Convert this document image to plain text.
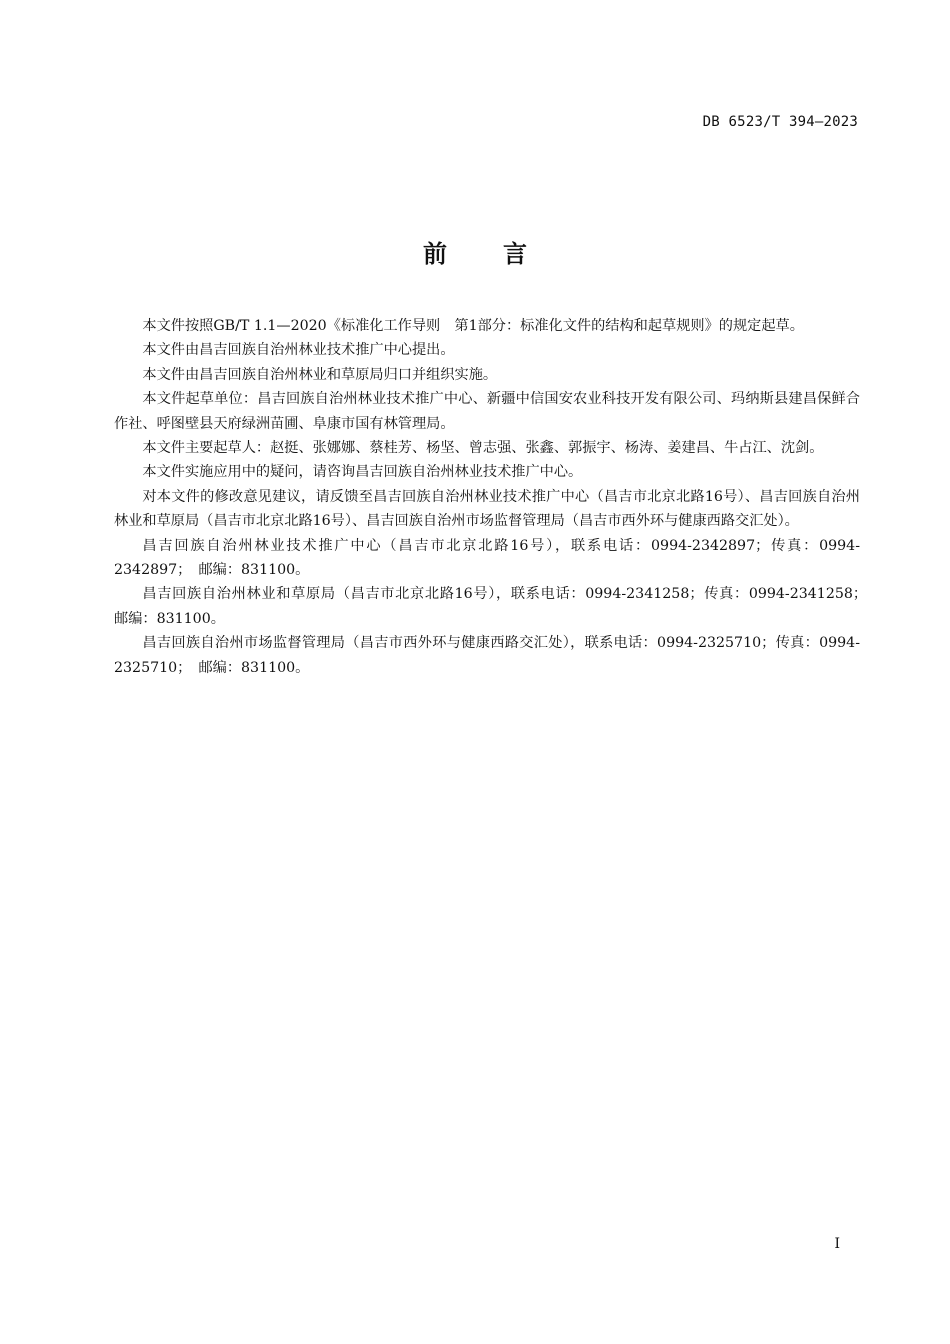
DB 6523/T 394—2023
前言

本文件按照GB/T 1.1—2020《标准化工作导则　第1部分：标准化文件的结构和起草规则》的规定起草。

本文件由昌吉回族自治州林业技术推广中心提出。

本文件由昌吉回族自治州林业和草原局归口并组织实施。

本文件起草单位：昌吉回族自治州林业技术推广中心、新疆中信国安农业科技开发有限公司、玛纳斯县建昌保鲜合作社、呼图壁县天府绿洲苗圃、阜康市国有林管理局。

本文件主要起草人：赵挺、张娜娜、蔡桂芳、杨坚、曾志强、张鑫、郭振宇、杨涛、姜建昌、牛占江、沈剑。

本文件实施应用中的疑问，请咨询昌吉回族自治州林业技术推广中心。

对本文件的修改意见建议，请反馈至昌吉回族自治州林业技术推广中心（昌吉市北京北路16号）、昌吉回族自治州林业和草原局（昌吉市北京北路16号）、昌吉回族自治州市场监督管理局（昌吉市西外环与健康西路交汇处）。

昌吉回族自治州林业技术推广中心（昌吉市北京北路16号），联系电话：0994-2342897；传真：0994-2342897；　邮编：831100。

昌吉回族自治州林业和草原局（昌吉市北京北路16号），联系电话：0994-2341258；传真：0994-2341258；　邮编：831100。

昌吉回族自治州市场监督管理局（昌吉市西外环与健康西路交汇处），联系电话：0994-2325710；传真：0994-2325710；　邮编：831100。

I
